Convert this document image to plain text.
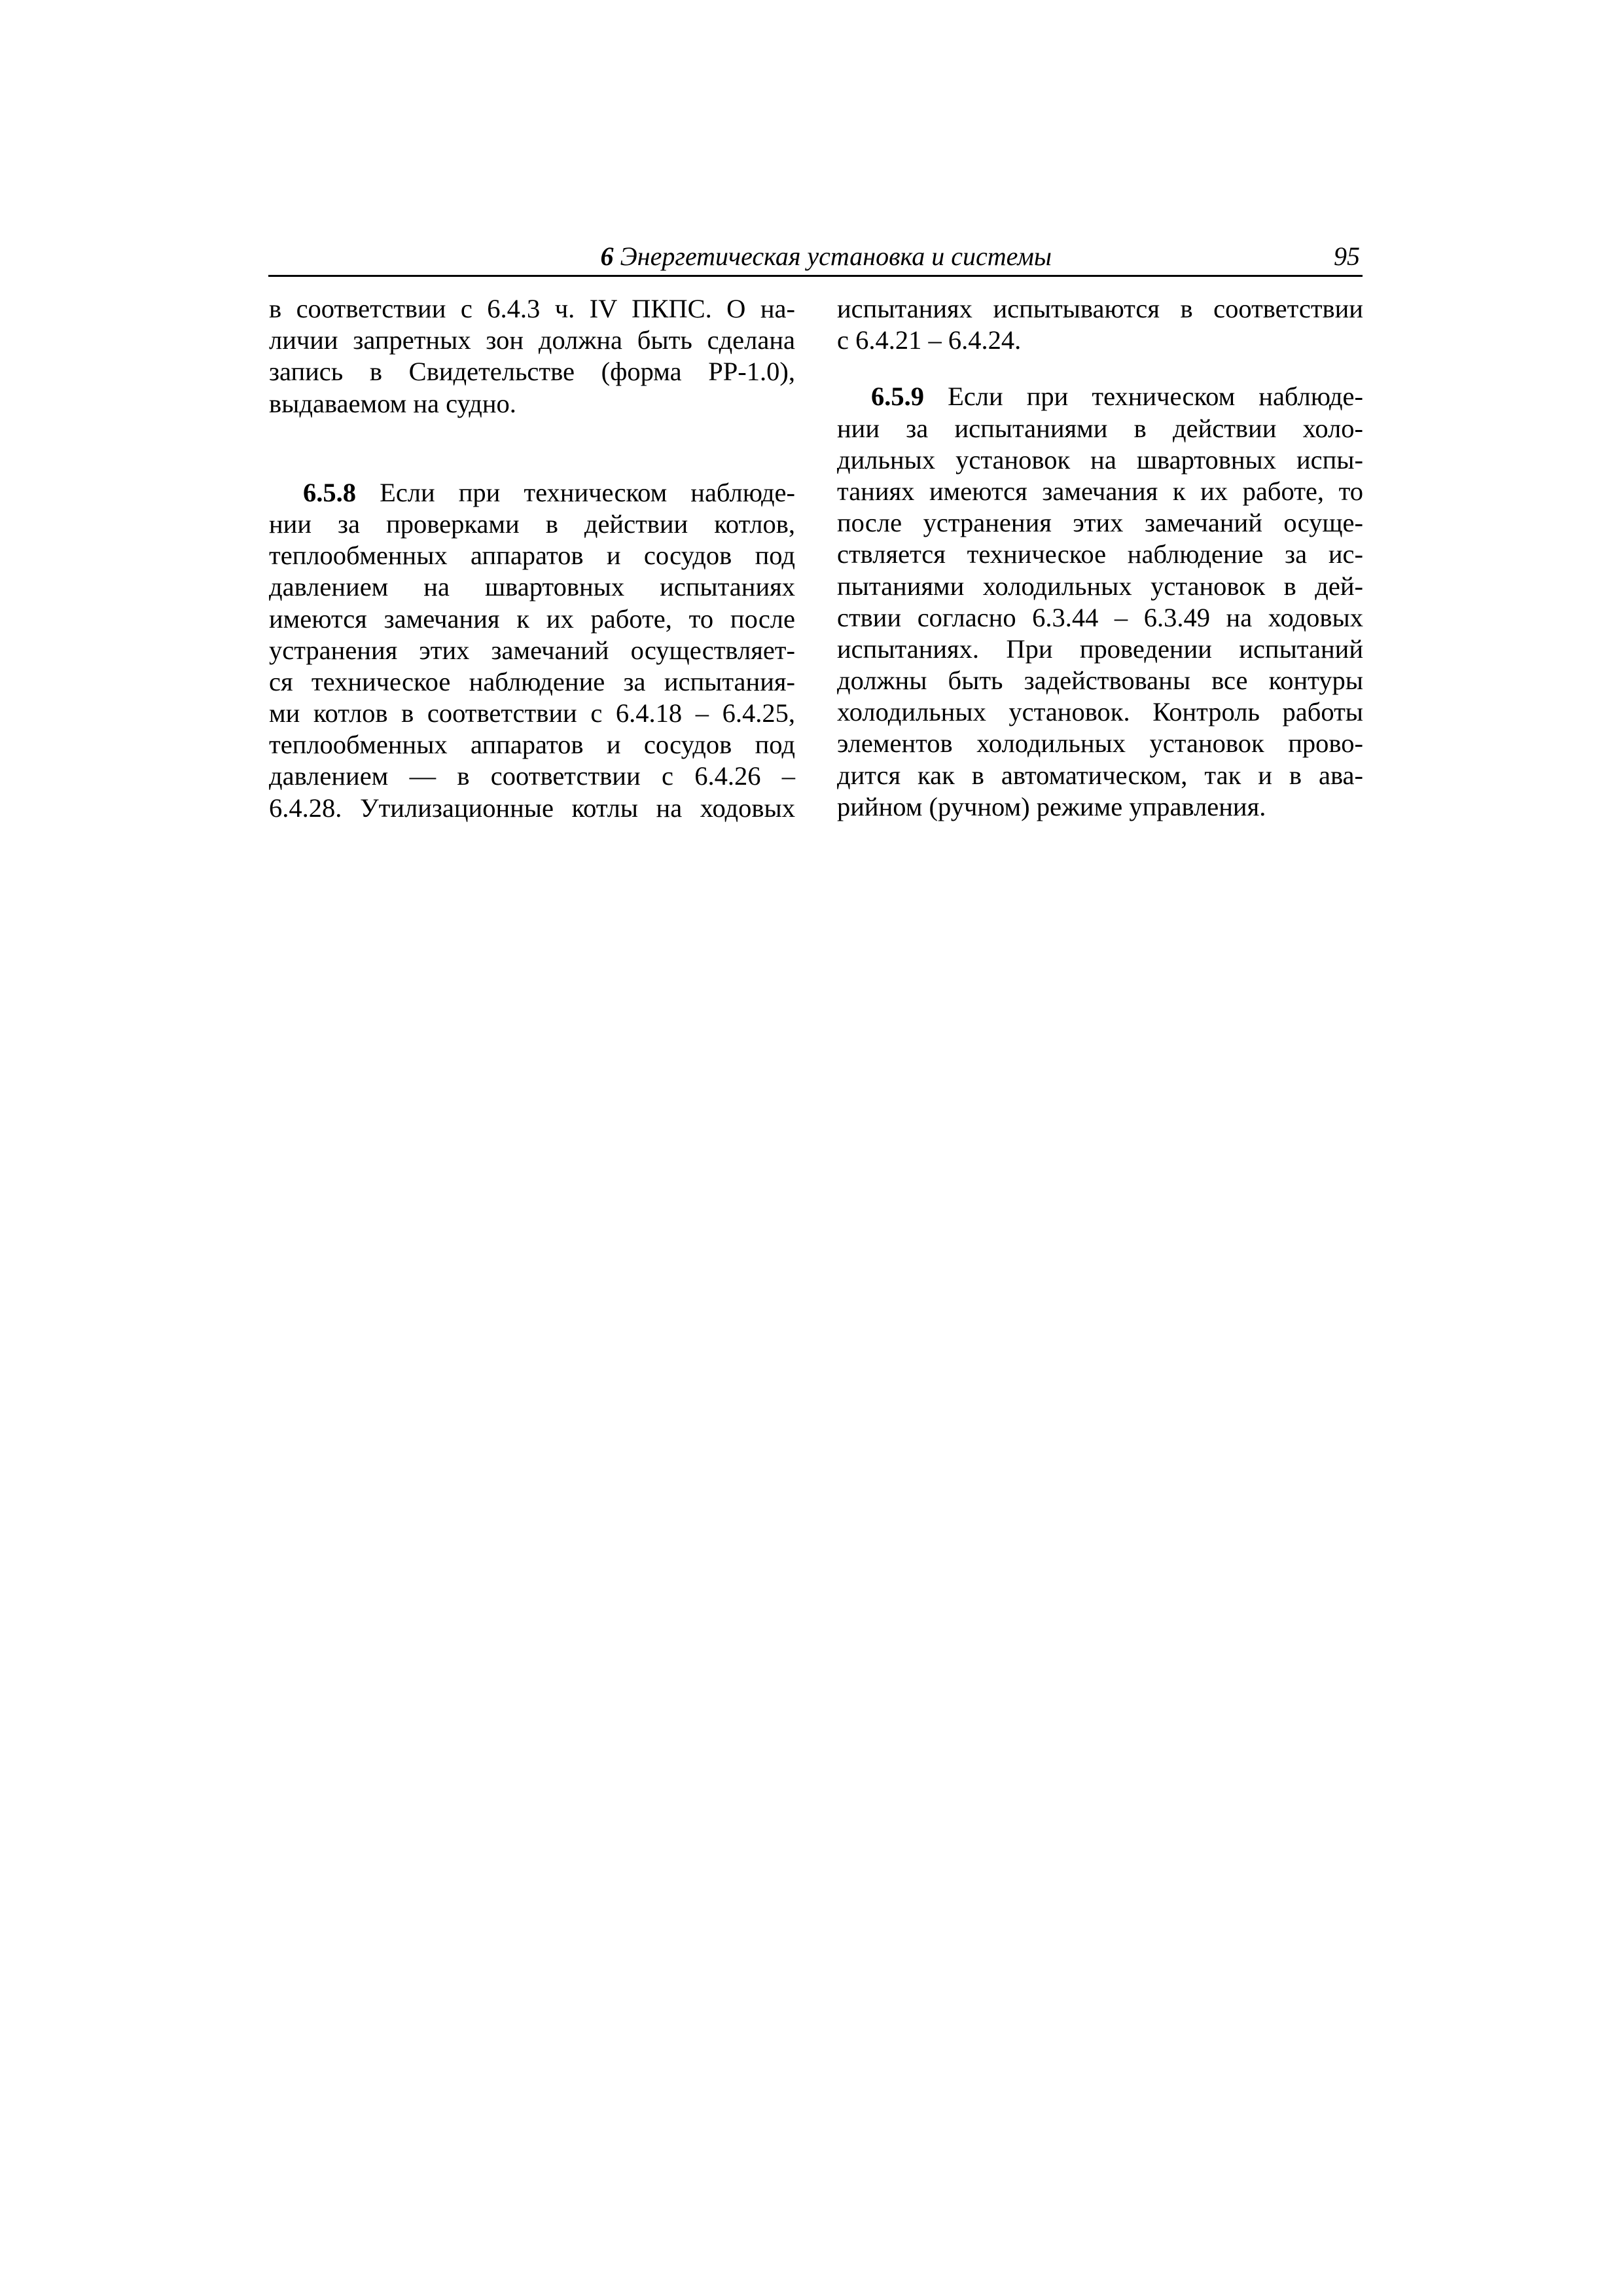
6 Энергетическая установка и системы	95
в соответствии с 6.4.3 ч. IV ПКПС. О на-
личии запретных зон должна быть сделана
запись в Свидетельстве (форма РР-1.0),
выдаваемом на судно.
6.5.8 Если при техническом наблюде-
нии за проверками в действии котлов,
теплообменных аппаратов и сосудов под
давлением на швартовных испытаниях
имеются замечания к их работе, то после
устранения этих замечаний осуществляет-
ся техническое наблюдение за испытания-
ми котлов в соответствии с 6.4.18 – 6.4.25,
теплообменных аппаратов и сосудов под
давлением — в соответствии с 6.4.26 –
6.4.28. Утилизационные котлы на ходовых
испытаниях испытываются в соответствии
с 6.4.21 – 6.4.24.
6.5.9 Если при техническом наблюде-
нии за испытаниями в действии холо-
дильных установок на швартовных испы-
таниях имеются замечания к их работе, то
после устранения этих замечаний осуще-
ствляется техническое наблюдение за ис-
пытаниями холодильных установок в дей-
ствии согласно 6.3.44 – 6.3.49 на ходовых
испытаниях. При проведении испытаний
должны быть задействованы все контуры
холодильных установок. Контроль работы
элементов холодильных установок прово-
дится как в автоматическом, так и в ава-
рийном (ручном) режиме управления.
